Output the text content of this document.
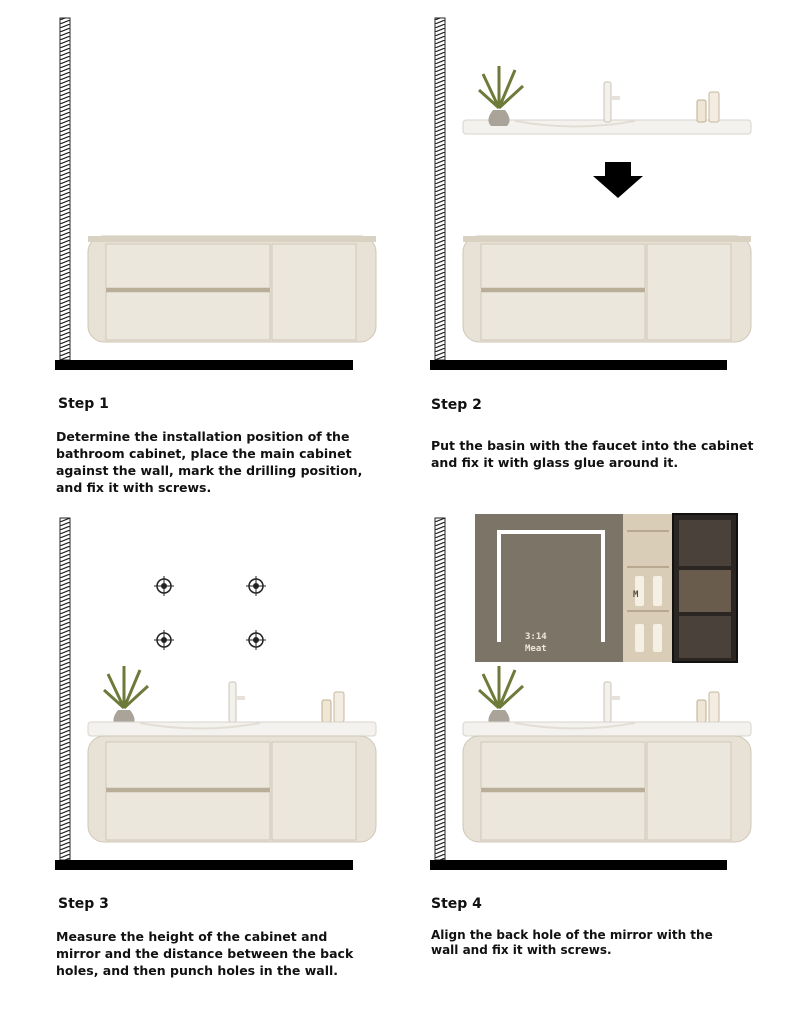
Step 1
Determine the installation position of the bathroom cabinet, place the main cabinet against the wall, mark the drilling position, and fix it with screws.
Step 2
Put the basin with the faucet into the cabinet and fix it with glass glue around it.
Step 3
Measure the height of the cabinet and mirror and the distance between the back holes, and then punch holes in the wall.
3:14
Meat
M
Step 4
Align the back hole of the mirror with the wall and fix it with screws.
